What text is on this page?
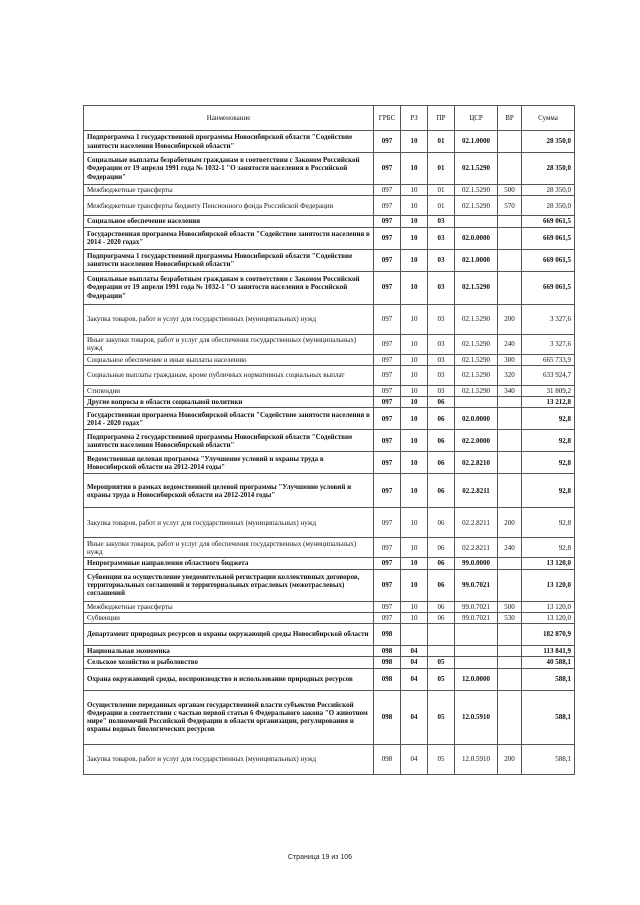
Наименование	ГРБС	РЗ	ПР	ЦСР	ВР	Сумма
Подпрограмма 1 государственной программы Новосибирской области "Содействие занятости населения Новосибирской области"	097	10	01	02.1.0000		28 350,0
Социальные выплаты безработным гражданам в соответствии с Законом Российской Федерации от 19 апреля 1991 года № 1032-1 "О занятости населения в Российской Федерации"	097	10	01	02.1.5290		28 350,0
Межбюджетные трансферты	097	10	01	02.1.5290	500	28 350,0
Межбюджетные трансферты бюджету Пенсионного фонда Российской Федерации	097	10	01	02.1.5290	570	28 350,0
Социальное обеспечение населения	097	10	03			669 061,5
Государственная программа Новосибирской области "Содействие занятости населения в 2014 - 2020 годах"	097	10	03	02.0.0000		669 061,5
Подпрограмма 1 государственной программы Новосибирской области "Содействие занятости населения Новосибирской области"	097	10	03	02.1.0000		669 061,5
Социальные выплаты безработным гражданам в соответствии с Законом Российской Федерации от 19 апреля 1991 года № 1032-1 "О занятости населения в Российской Федерации"	097	10	03	02.1.5290		669 061,5
Закупка товаров, работ и услуг для государственных (муниципальных) нужд	097	10	03	02.1.5290	200	3 327,6
Иные закупки товаров, работ и услуг для обеспечения государственных (муниципальных) нужд	097	10	03	02.1.5290	240	3 327,6
Социальное обеспечение и иные выплаты населению	097	10	03	02.1.5290	300	665 733,9
Социальные выплаты гражданам, кроме публичных нормативных социальных выплат	097	10	03	02.1.5290	320	633 924,7
Стипендии	097	10	03	02.1.5290	340	31 809,2
Другие вопросы в области социальной политики	097	10	06			13 212,8
Государственная программа Новосибирской области "Содействие занятости населения в 2014 - 2020 годах"	097	10	06	02.0.0000		92,8
Подпрограмма 2 государственной программы Новосибирской области "Содействие занятости населения Новосибирской области"	097	10	06	02.2.0000		92,8
Ведомственная целевая программа "Улучшение условий и охраны труда в Новосибирской области на 2012-2014 годы"	097	10	06	02.2.8210		92,8
Мероприятия в рамках ведомственной целевой программы "Улучшение условий и охраны труда в Новосибирской области на 2012-2014 годы"	097	10	06	02.2.8211		92,8
Закупка товаров, работ и услуг для государственных (муниципальных) нужд	097	10	06	02.2.8211	200	92,8
Иные закупки товаров, работ и услуг для обеспечения государственных (муниципальных) нужд	097	10	06	02.2.8211	240	92,8
Непрограммные направления областного бюджета	097	10	06	99.0.0000		13 120,0
Субвенции на осуществление уведомительной регистрации коллективных договоров, территориальных соглашений и территориальных отраслевых (межотраслевых) соглашений	097	10	06	99.0.7021		13 120,0
Межбюджетные трансферты	097	10	06	99.0.7021	500	13 120,0
Субвенции	097	10	06	99.0.7021	530	13 120,0
Департамент природных ресурсов и охраны окружающей среды Новосибирской области	098					182 870,9
Национальная экономика	098	04				113 841,9
Сельское хозяйство и рыболовство	098	04	05			40 588,1
Охрана окружающей среды, воспроизводство и использование природных ресурсов	098	04	05	12.0.0000		588,1
Осуществление переданных органам государственной власти субъектов Российской Федерации в соответствии с частью первой статьи 6 Федерального закона "О животном мире" полномочий Российской Федерации в области организации, регулирования и охраны водных биологических ресурсов	098	04	05	12.0.5910		588,1
Закупка товаров, работ и услуг для государственных (муниципальных) нужд	098	04	05	12.0.5910	200	588,1
Страница 19 из 106
